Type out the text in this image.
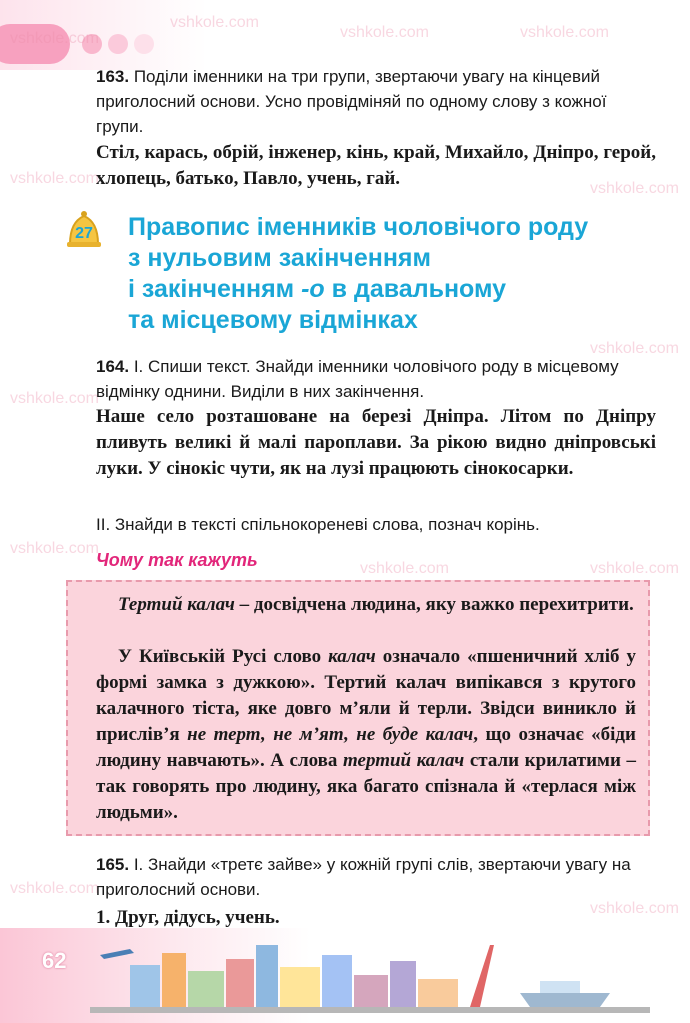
vshkole.com
vshkole.com
vshkole.com	vshkole.com
vshkole.com
vshkole.com
vshkole.com
vshkole.com
vshkole.com
vshkole.com	vshkole.com
vshkole.com
vshkole.com
163. Поділи іменники на три групи, звертаючи увагу на кінцевий приголосний основи. Усно провідміняй по одному слову з кожної групи.
Стіл, карась, обрій, інженер, кінь, край, Михайло, Дніпро, герой, хлопець, батько, Павло, учень, гай.
27 Правопис іменників чоловічого роду
з нульовим закінченням
і закінченням -о в давальному
та місцевому відмінках
164. І. Спиши текст. Знайди іменники чоловічого роду в місцевому відмінку однини. Виділи в них закінчення.
Наше село розташоване на березі Дніпра. Літом по Дніпру пливуть великі й малі пароплави. За рікою видно дніпровські луки. У сінокіс чути, як на лузі працюють сінокосарки.
ІІ. Знайди в тексті спільнокореневі слова, познач корінь.
Чому так кажуть
Тертий калач – досвідчена людина, яку важко перехитрити.
У Київській Русі слово калач означало «пшеничний хліб у формі замка з дужкою». Тертий калач випікався з крутого калачного тіста, яке довго м’яли й терли. Звідси виникло й прислів’я не терт, не м’ят, не буде калач, що означає «біди людину навчають». А слова тертий калач стали крилатими – так говорять про людину, яка багато спізнала й «терлася між людьми».
165. І. Знайди «третє зайве» у кожній групі слів, звертаючи увагу на приголосний основи.
1. Друг, дідусь, учень.
62
